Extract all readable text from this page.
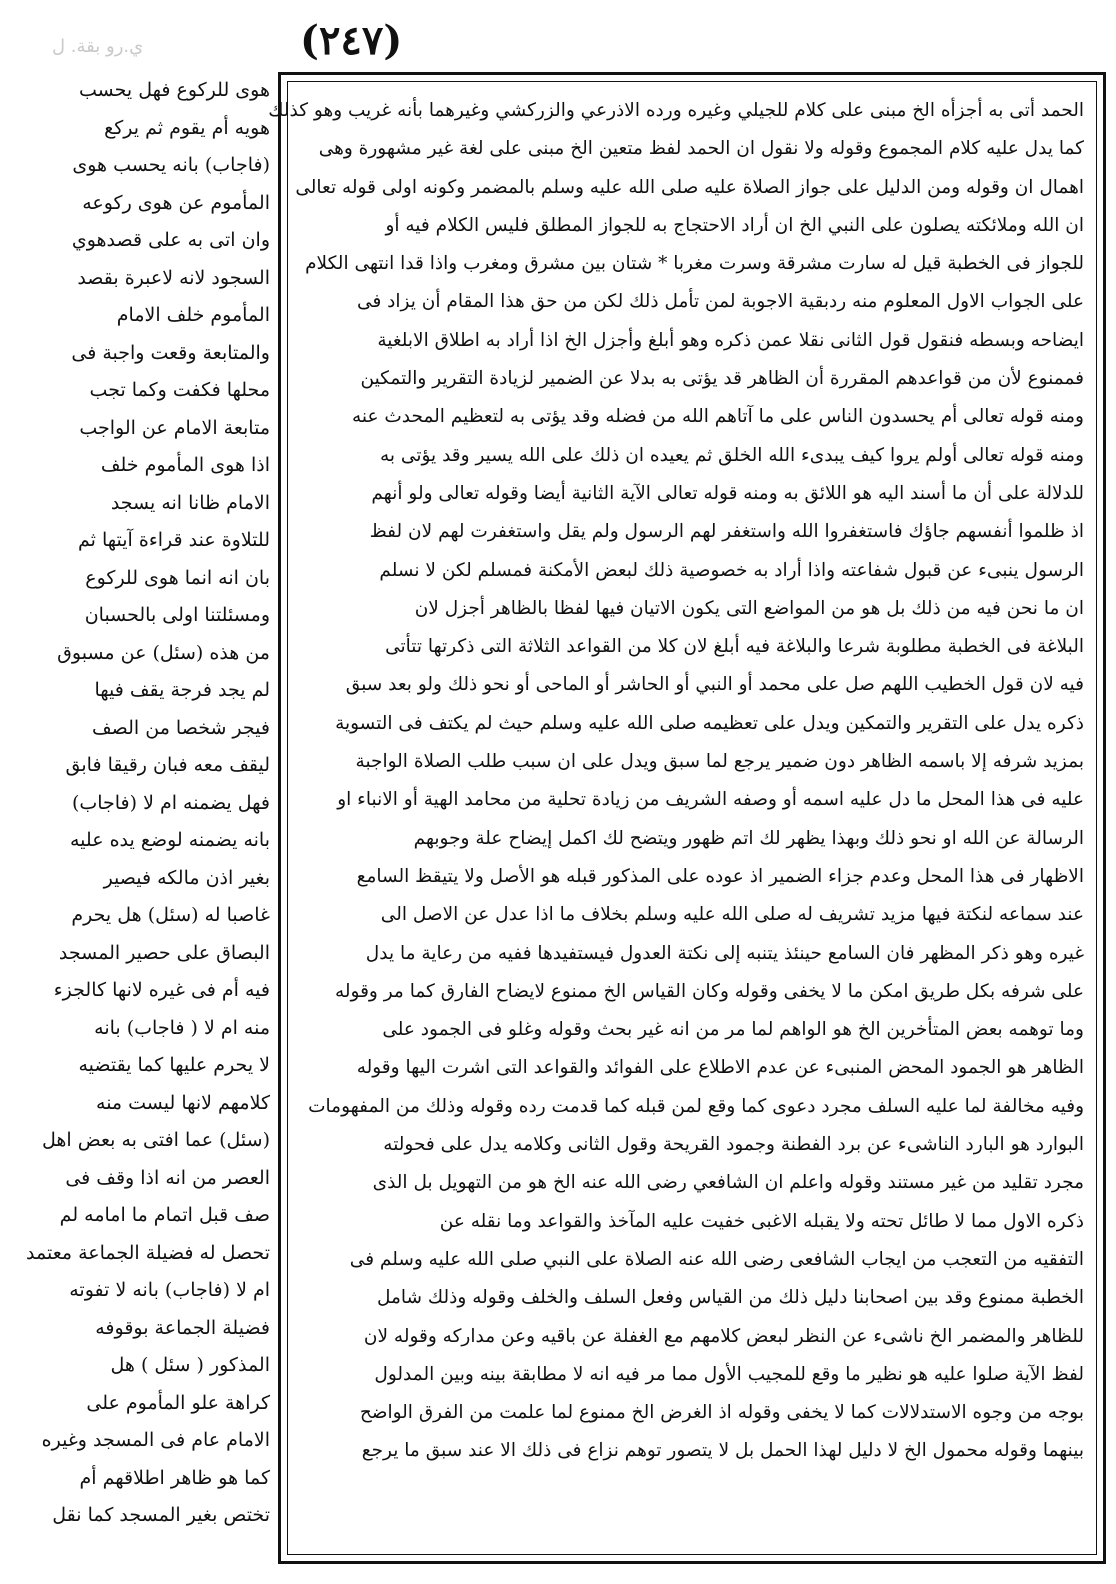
ي.رو بقة. ل	(٢٤٧)
هوى للركوع فهل يحسب
هويه أم يقوم ثم يركع
(فاجاب) بانه يحسب هوى
المأموم عن هوى ركوعه
وان اتى به على قصدهوي
السجود لانه لاعبرة بقصد
المأموم خلف الامام
والمتابعة وقعت واجبة فى
محلها فكفت وكما تجب
متابعة الامام عن الواجب
اذا هوى المأموم خلف
الامام ظانا انه يسجد
للتلاوة عند قراءة آيتها ثم
بان انه انما هوى للركوع
ومسئلتنا اولى بالحسبان
من هذه (سئل) عن مسبوق
لم يجد فرجة يقف فيها
فيجر شخصا من الصف
ليقف معه فبان رقيقا فابق
فهل يضمنه ام لا (فاجاب)
بانه يضمنه لوضع يده عليه
بغير اذن مالكه فيصير
غاصبا له (سئل) هل يحرم
البصاق على حصير المسجد
فيه أم فى غيره لانها كالجزء
منه ام لا ( فاجاب) بانه
لا يحرم عليها كما يقتضيه
كلامهم لانها ليست منه
(سئل) عما افتى به بعض اهل
العصر من انه اذا وقف فى
صف قبل اتمام ما امامه لم
تحصل له فضيلة الجماعة معتمد
ام لا (فاجاب) بانه لا تفوته
فضيلة الجماعة بوقوفه
المذكور ( سئل ) هل
كراهة علو المأموم على
الامام عام فى المسجد وغيره
كما هو ظاهر اطلاقهم أم
تختص بغير المسجد كما نقل
الحمد أتى به أجزأه الخ مبنى على كلام للجيلي وغيره ورده الاذرعي والزركشي وغيرهما بأنه غريب وهو كذلك
كما يدل عليه كلام المجموع وقوله ولا نقول ان الحمد لفظ متعين الخ مبنى على لغة غير مشهورة وهى
اهمال ان وقوله ومن الدليل على جواز الصلاة عليه صلى الله عليه وسلم بالمضمر وكونه اولى قوله تعالى
ان الله وملائكته يصلون على النبي الخ ان أراد الاحتجاج به للجواز المطلق فليس الكلام فيه أو
للجواز فى الخطبة قيل له سارت مشرقة وسرت مغربا * شتان بين مشرق ومغرب واذا قدا انتهى الكلام
على الجواب الاول المعلوم منه ردبقية الاجوبة لمن تأمل ذلك لكن من حق هذا المقام أن يزاد فى
ايضاحه وبسطه فنقول قول الثانى نقلا عمن ذكره وهو أبلغ وأجزل الخ اذا أراد به اطلاق الابلغية
فممنوع لأن من قواعدهم المقررة أن الظاهر قد يؤتى به بدلا عن الضمير لزيادة التقرير والتمكين
ومنه قوله تعالى أم يحسدون الناس على ما آتاهم الله من فضله وقد يؤتى به لتعظيم المحدث عنه
ومنه قوله تعالى أولم يروا كيف يبدىء الله الخلق ثم يعيده ان ذلك على الله يسير وقد يؤتى به
للدلالة على أن ما أسند اليه هو اللائق به ومنه قوله تعالى الآية الثانية أيضا وقوله تعالى ولو أنهم
اذ ظلموا أنفسهم جاؤك فاستغفروا الله واستغفر لهم الرسول ولم يقل واستغفرت لهم لان لفظ
الرسول ينبىء عن قبول شفاعته واذا أراد به خصوصية ذلك لبعض الأمكنة فمسلم لكن لا نسلم
ان ما نحن فيه من ذلك بل هو من المواضع التى يكون الاتيان فيها لفظا بالظاهر أجزل لان
البلاغة فى الخطبة مطلوبة شرعا والبلاغة فيه أبلغ لان كلا من القواعد الثلاثة التى ذكرتها تتأتى
فيه لان قول الخطيب اللهم صل على محمد أو النبي أو الحاشر أو الماحى أو نحو ذلك ولو بعد سبق
ذكره يدل على التقرير والتمكين ويدل على تعظيمه صلى الله عليه وسلم حيث لم يكتف فى التسوية
بمزيد شرفه إلا باسمه الظاهر دون ضمير يرجع لما سبق ويدل على ان سبب طلب الصلاة الواجبة
عليه فى هذا المحل ما دل عليه اسمه أو وصفه الشريف من زيادة تحلية من محامد الهية أو الانباء او
الرسالة عن الله او نحو ذلك وبهذا يظهر لك اتم ظهور ويتضح لك اكمل إيضاح علة وجوبهم
الاظهار فى هذا المحل وعدم جزاء الضمير اذ عوده على المذكور قبله هو الأصل ولا يتيقظ السامع
عند سماعه لنكتة فيها مزيد تشريف له صلى الله عليه وسلم بخلاف ما اذا عدل عن الاصل الى
غيره وهو ذكر المظهر فان السامع حينئذ يتنبه إلى نكتة العدول فيستفيدها ففيه من رعاية ما يدل
على شرفه بكل طريق امكن ما لا يخفى وقوله وكان القياس الخ ممنوع لايضاح الفارق كما مر وقوله
وما توهمه بعض المتأخرين الخ هو الواهم لما مر من انه غير بحث وقوله وغلو فى الجمود على
الظاهر هو الجمود المحض المنبىء عن عدم الاطلاع على الفوائد والقواعد التى اشرت اليها وقوله
وفيه مخالفة لما عليه السلف مجرد دعوى كما وقع لمن قبله كما قدمت رده وقوله وذلك من المفهومات
البوارد هو البارد الناشىء عن برد الفطنة وجمود القريحة وقول الثانى وكلامه يدل على فحولته
مجرد تقليد من غير مستند وقوله واعلم ان الشافعي رضى الله عنه الخ هو من التهويل بل الذى
ذكره الاول مما لا طائل تحته ولا يقبله الاغبى خفيت عليه المآخذ والقواعد وما نقله عن
التفقيه من التعجب من ايجاب الشافعى رضى الله عنه الصلاة على النبي صلى الله عليه وسلم فى
الخطبة ممنوع وقد بين اصحابنا دليل ذلك من القياس وفعل السلف والخلف وقوله وذلك شامل
للظاهر والمضمر الخ ناشىء عن النظر لبعض كلامهم مع الغفلة عن باقيه وعن مداركه وقوله لان
لفظ الآية صلوا عليه هو نظير ما وقع للمجيب الأول مما مر فيه انه لا مطابقة بينه وبين المدلول
بوجه من وجوه الاستدلالات كما لا يخفى وقوله اذ الغرض الخ ممنوع لما علمت من الفرق الواضح
بينهما وقوله محمول الخ لا دليل لهذا الحمل بل لا يتصور توهم نزاع فى ذلك الا عند سبق ما يرجع
